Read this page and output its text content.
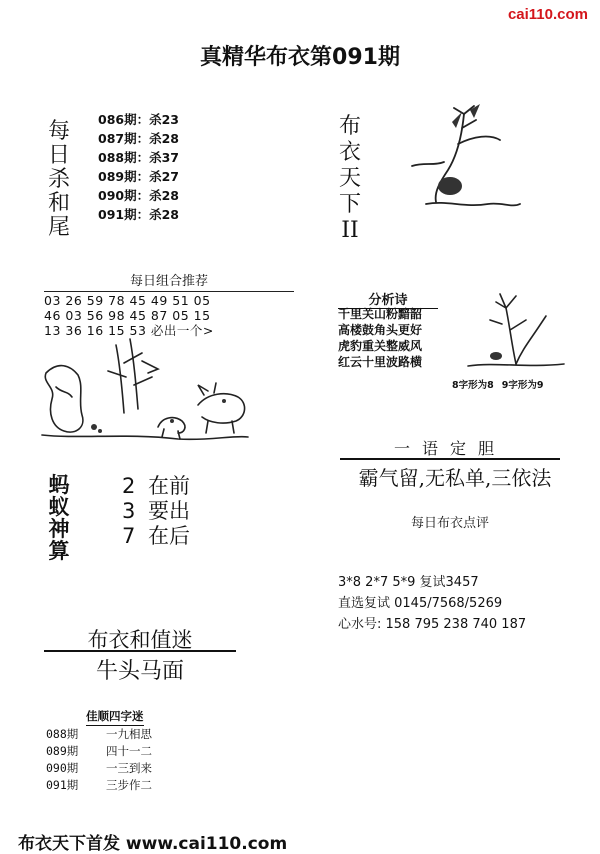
cai110.com
真精华布衣第091期
每
日
杀
和
尾
086期：杀23
087期：杀28
088期：杀37
089期：杀27
090期：杀28
091期：杀28
每日组合推荐
03 26 59 78 45 49 51 05
46 03 56 98 45 87 05 15
13 36 16 15 53 必出一个>
蚂
蚁
神
算
2 在前
3 要出
7 在后
布衣和值迷
牛头马面
佳顺四字迷
088期 一九相思
089期 四十一二
090期 一三到来
091期 三步作二
布
衣
天
下
II
分析诗
千里关山粉黯韶
高楼鼓角头更好
虎豹重关整威风
红云十里波路横
8字形为8 9字形为9
一语定胆
霸气留,无私单,三依法
每日布衣点评
3*8 2*7 5*9 复试3457
直选复试 0145/7568/5269
心水号: 158 795 238 740 187
布衣天下首发 www.cai110.com
